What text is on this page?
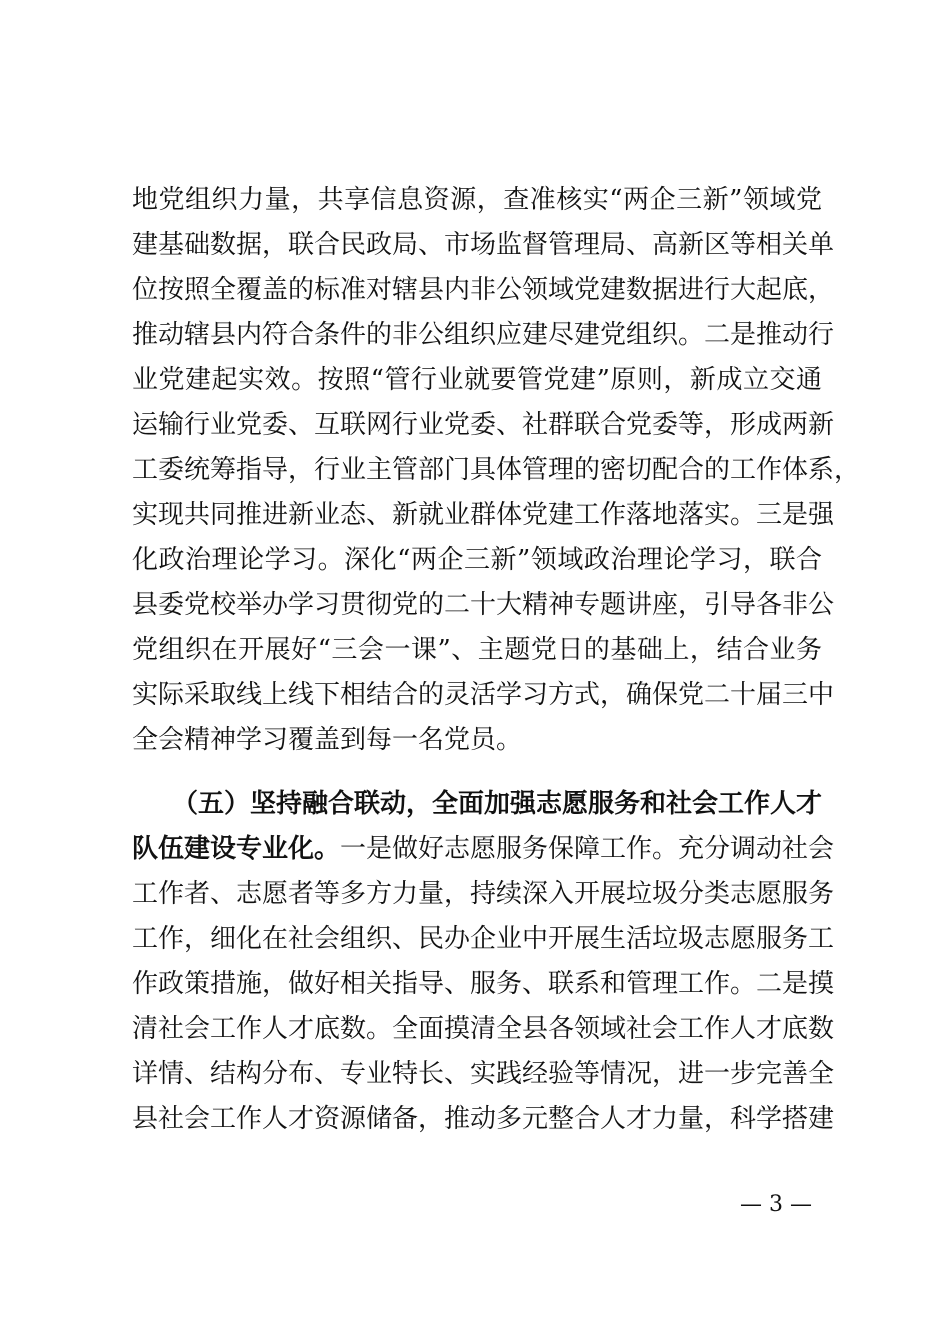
地党组织力量，共享信息资源，查准核实“两企三新”领域党
建基础数据，联合民政局、市场监督管理局、高新区等相关单
位按照全覆盖的标准对辖县内非公领域党建数据进行大起底，
推动辖县内符合条件的非公组织应建尽建党组织。二是推动行
业党建起实效。按照“管行业就要管党建”原则，新成立交通
运输行业党委、互联网行业党委、社群联合党委等，形成两新
工委统筹指导，行业主管部门具体管理的密切配合的工作体系，
实现共同推进新业态、新就业群体党建工作落地落实。三是强
化政治理论学习。深化“两企三新”领域政治理论学习，联合
县委党校举办学习贯彻党的二十大精神专题讲座，引导各非公
党组织在开展好“三会一课”、主题党日的基础上，结合业务
实际采取线上线下相结合的灵活学习方式，确保党二十届三中
全会精神学习覆盖到每一名党员。
（五）坚持融合联动，全面加强志愿服务和社会工作人才
队伍建设专业化。一是做好志愿服务保障工作。充分调动社会
工作者、志愿者等多方力量，持续深入开展垃圾分类志愿服务
工作，细化在社会组织、民办企业中开展生活垃圾志愿服务工
作政策措施，做好相关指导、服务、联系和管理工作。二是摸
清社会工作人才底数。全面摸清全县各领域社会工作人才底数
详情、结构分布、专业特长、实践经验等情况，进一步完善全
县社会工作人才资源储备，推动多元整合人才力量，科学搭建
— 3 —
